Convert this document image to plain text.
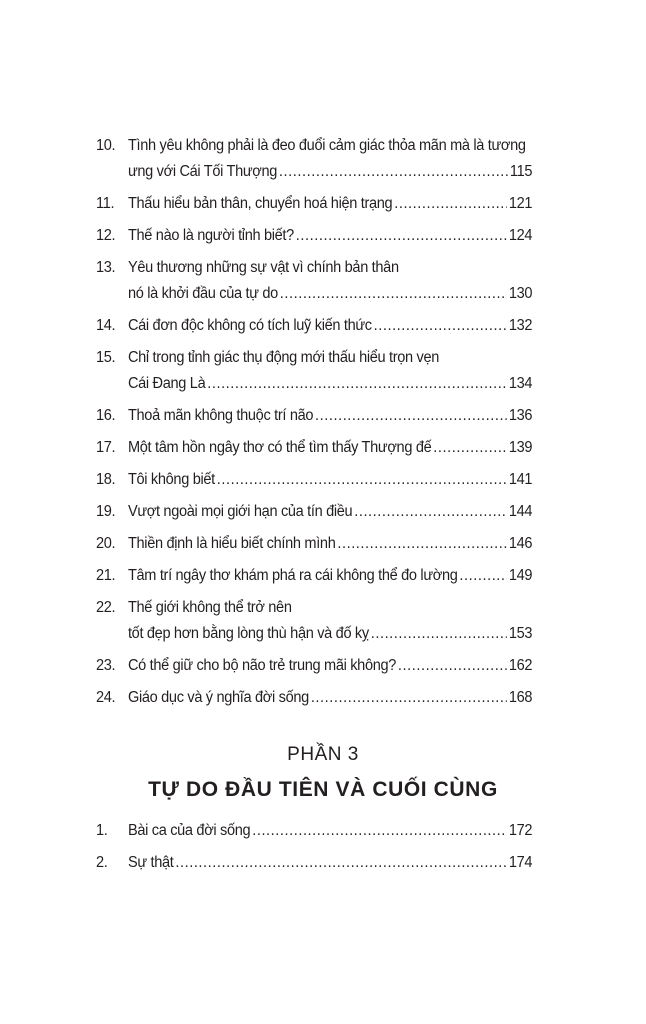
10. Tình yêu không phải là đeo đuổi cảm giác thỏa mãn mà là tương
ưng với Cái Tối Thượng .....	115
11. Thấu hiểu bản thân, chuyển hoá hiện trạng .....	121
12. Thế nào là người tỉnh biết? .....	124
13. Yêu thương những sự vật vì chính bản thân
nó là khởi đầu của tự do .....	130
14. Cái đơn độc không có tích luỹ kiến thức .....	132
15. Chỉ trong tỉnh giác thụ động mới thấu hiểu trọn vẹn
Cái Đang Là .....	134
16. Thoả mãn không thuộc trí não .....	136
17. Một tâm hồn ngây thơ có thể tìm thấy Thượng đế .....	139
18. Tôi không biết .....	141
19. Vượt ngoài mọi giới hạn của tín điều .....	144
20. Thiền định là hiểu biết chính mình .....	146
21. Tâm trí ngây thơ khám phá ra cái không thể đo lường .....	149
22. Thế giới không thể trở nên
tốt đẹp hơn bằng lòng thù hận và đố kỵ .....	153
23. Có thể giữ cho bộ não trẻ trung mãi không? .....	162
24. Giáo dục và ý nghĩa đời sống .....	168
PHẦN 3
TỰ DO ĐẦU TIÊN VÀ CUỐI CÙNG
1.	Bài ca của đời sống .....	172
2.	Sự thật .....	174
